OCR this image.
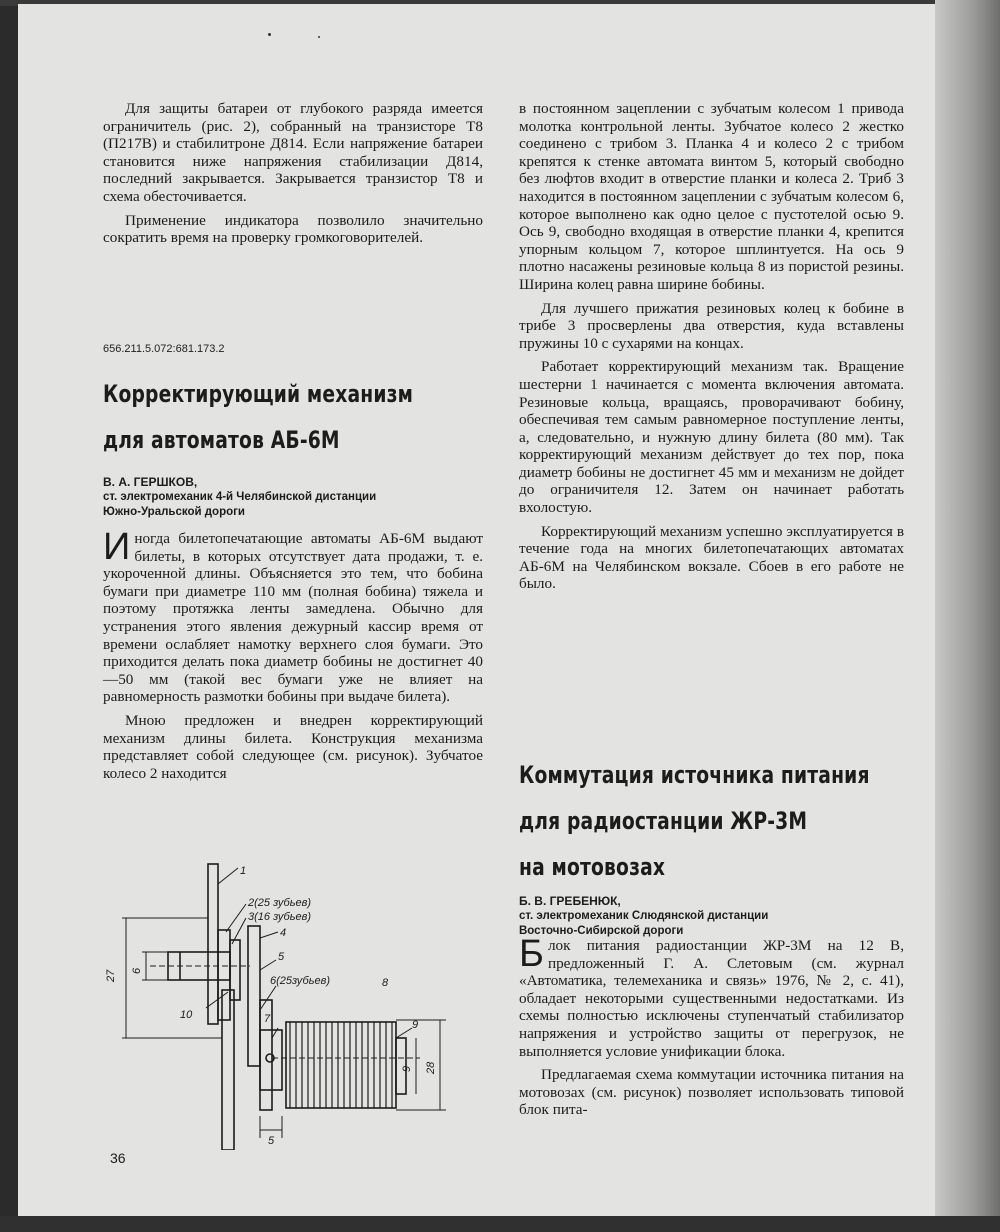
Для защиты батареи от глубокого разряда имеется ограничитель (рис. 2), собранный на транзисторе Т8 (П217В) и стабилитроне Д814. Если напряжение батареи становится ниже напряжения стабилизации Д814, последний закрывается. Закрывается транзистор Т8 и схема обесточивается.

Применение индикатора позволило значительно сократить время на проверку громкоговорителей.

656.211.5.072:681.173.2
Корректирующий механизм
для автоматов АБ-6М
В. А. ГЕРШКОВ,
ст. электромеханик 4-й Челябинской дистанции
Южно-Уральской дороги

Иногда билетопечатающие автоматы АБ-6М выдают билеты, в которых отсутствует дата продажи, т. е. укороченной длины. Объясняется это тем, что бобина бумаги при диаметре 110 мм (полная бобина) тяжела и поэтому протяжка ленты замедлена. Обычно для устранения этого явления дежурный кассир время от времени ослабляет намотку верхнего слоя бумаги. Это приходится делать пока диаметр бобины не достигнет 40—50 мм (такой вес бумаги уже не влияет на равномерность размотки бобины при выдаче билета).

Мною предложен и внедрен корректирующий механизм длины билета. Конструкция механизма представляет собой следующее (см. рисунок). Зубчатое колесо 2 находится

1
2(25 зубьев)
3(16 зубьев)
4
5
6(25зубьев)
7
8
9
10
27 6
9 28
5
36

в постоянном зацеплении с зубчатым колесом 1 привода молотка контрольной ленты. Зубчатое колесо 2 жестко соединено с трибом 3. Планка 4 и колесо 2 с трибом крепятся к стенке автомата винтом 5, который свободно без люфтов входит в отверстие планки и колеса 2. Триб 3 находится в постоянном зацеплении с зубчатым колесом 6, которое выполнено как одно целое с пустотелой осью 9. Ось 9, свободно входящая в отверстие планки 4, крепится упорным кольцом 7, которое шплинтуется. На ось 9 плотно насажены резиновые кольца 8 из пористой резины. Ширина колец равна ширине бобины.

Для лучшего прижатия резиновых колец к бобине в трибе 3 просверлены два отверстия, куда вставлены пружины 10 с сухарями на концах.

Работает корректирующий механизм так. Вращение шестерни 1 начинается с момента включения автомата. Резиновые кольца, вращаясь, проворачивают бобину, обеспечивая тем самым равномерное поступление ленты, а, следовательно, и нужную длину билета (80 мм). Так корректирующий механизм действует до тех пор, пока диаметр бобины не достигнет 45 мм и механизм не дойдет до ограничителя 12. Затем он начинает работать вхолостую.

Корректирующий механизм успешно эксплуатируется в течение года на многих билетопечатающих автоматах АБ-6М на Челябинском вокзале. Сбоев в его работе не было.

Коммутация источника питания
для радиостанции ЖР-3М
на мотовозах
Б. В. ГРЕБЕНЮК,
ст. электромеханик Слюдянской дистанции
Восточно-Сибирской дороги

Блок питания радиостанции ЖР-3М на 12 В, предложенный Г. А. Слетовым (см. журнал «Автоматика, телемеханика и связь» 1976, № 2, с. 41), обладает некоторыми существенными недостатками. Из схемы полностью исключены ступенчатый стабилизатор напряжения и устройство защиты от перегрузок, не выполняется условие унификации блока.

Предлагаемая схема коммутации источника питания на мотовозах (см. рисунок) позволяет использовать типовой блок пита-
